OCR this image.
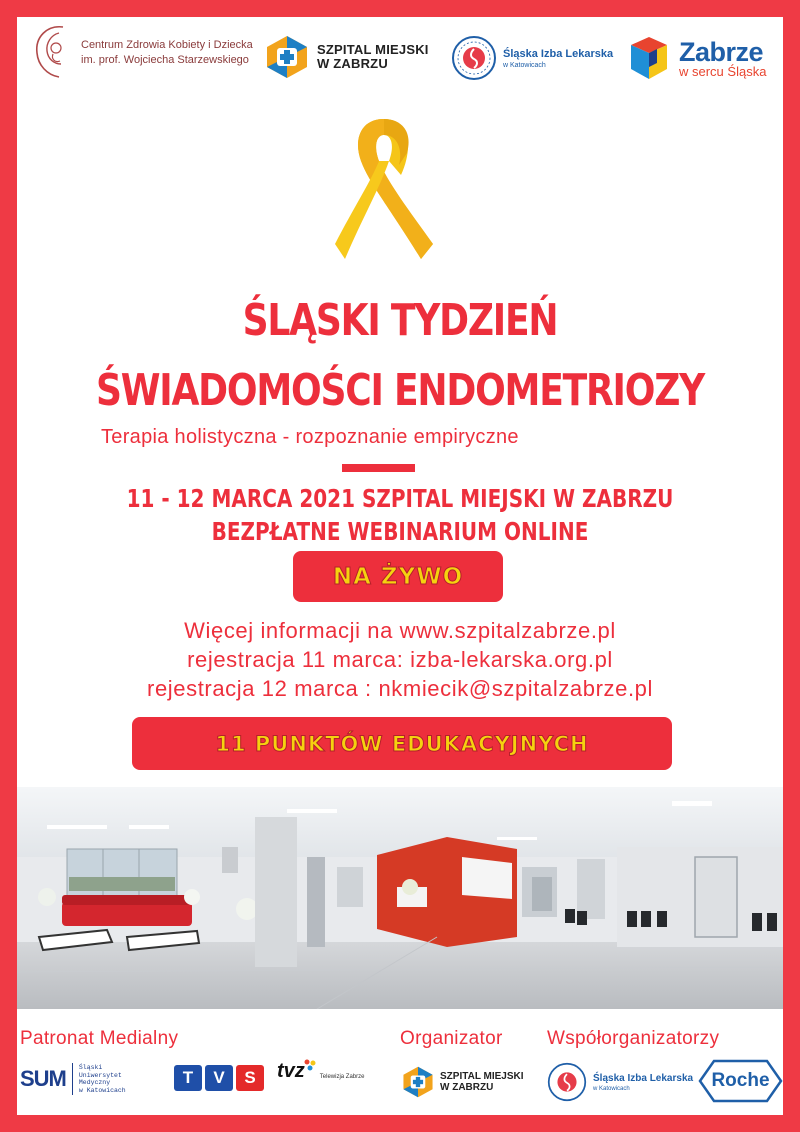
Centrum Zdrowia Kobiety i Dziecka
im. prof. Wojciecha Starzewskiego
SZPITAL MIEJSKI
W ZABRZU
Śląska Izba Lekarska
w Katowicach	Zabrze
w sercu Śląska
ŚLĄSKI TYDZIEŃ
ŚWIADOMOŚCI ENDOMETRIOZY
Terapia holistyczna - rozpoznanie empiryczne
11 - 12 MARCA 2021 SZPITAL MIEJSKI W ZABRZU
BEZPŁATNE WEBINARIUM ONLINE
NA ŻYWO
Więcej informacji na www.szpitalzabrze.pl
rejestracja 11 marca: izba-lekarska.org.pl
rejestracja 12 marca : nkmiecik@szpitalzabrze.pl
11 PUNKTÓW EDUKACYJNYCH
Patronat Medialny	Organizator Współorganizatorzy
SUM Śląski
Uniwersytet
Medyczny
w Katowicach
T	V	S	tvz	Telewizja Zabrze	SZPITAL MIEJSKI
W ZABRZU
Śląska Izba Lekarska
w Katowicach	Roche
